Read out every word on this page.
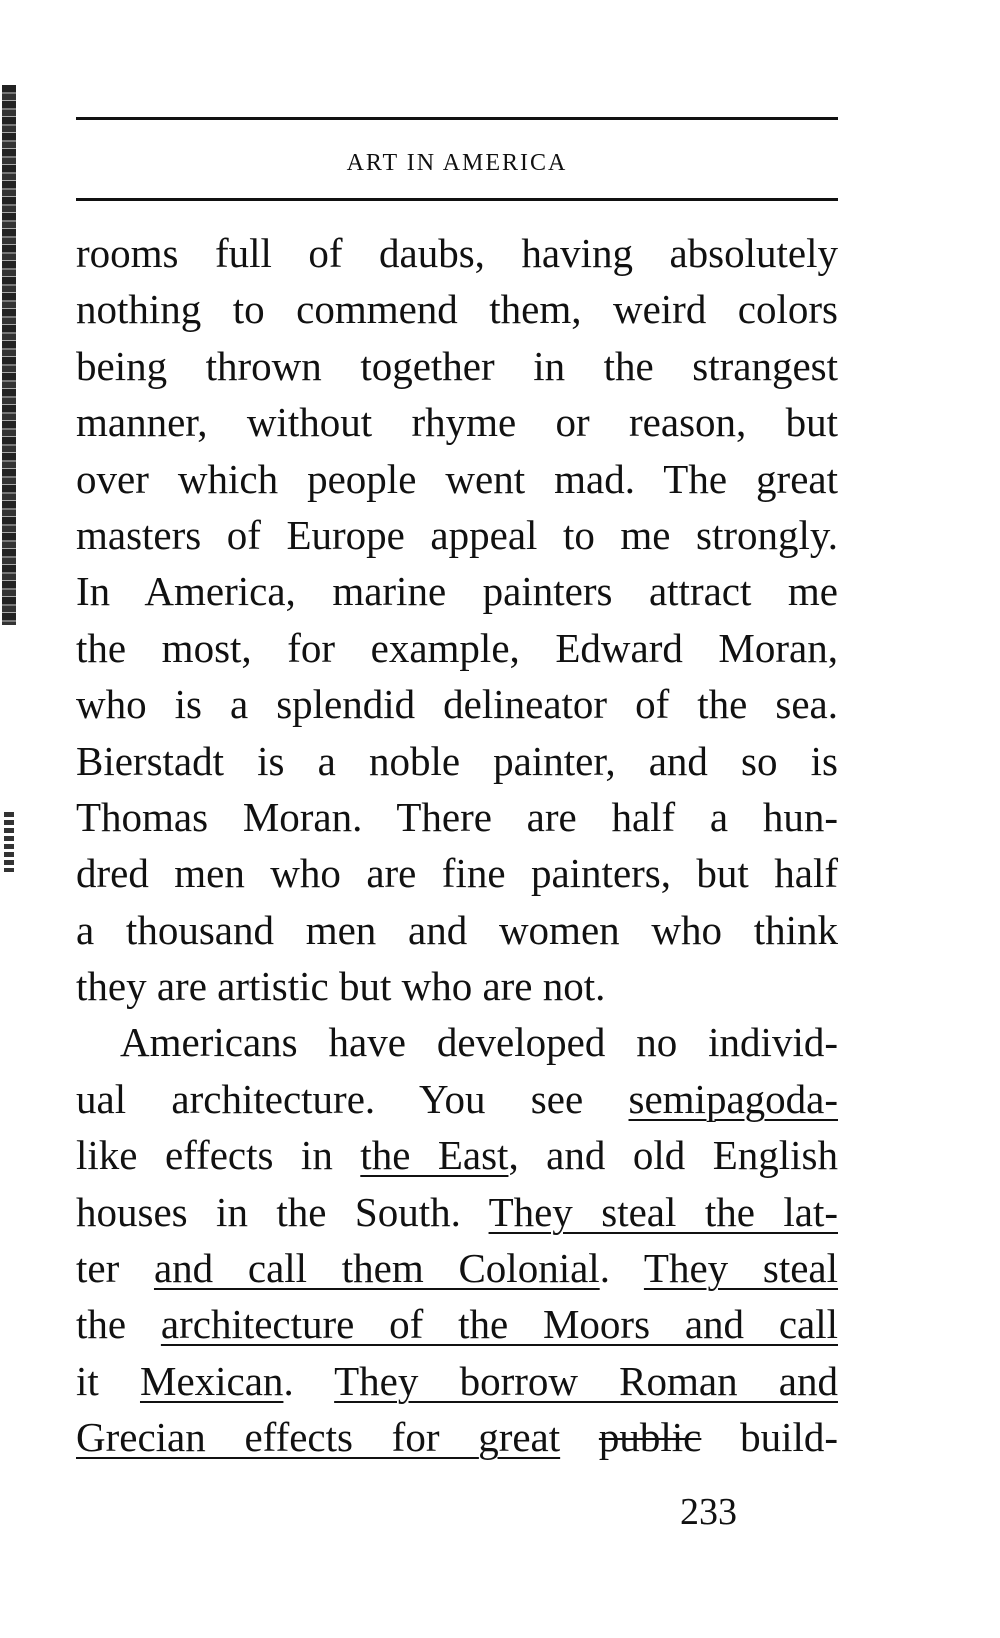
ART IN AMERICA
rooms full of daubs, having absolutely
nothing to commend them, weird colors
being thrown together in the strangest
manner, without rhyme or reason, but
over which people went mad. The great
masters of Europe appeal to me strongly.
In America, marine painters attract me
the most, for example, Edward Moran,
who is a splendid delineator of the sea.
Bierstadt is a noble painter, and so is
Thomas Moran. There are half a hun-
dred men who are fine painters, but half
a thousand men and women who think
they are artistic but who are not.
Americans have developed no individ-
ual architecture. You see semipagoda-
like effects in the East, and old English
houses in the South. They steal the lat-
ter and call them Colonial. They steal
the architecture of the Moors and call
it Mexican. They borrow Roman and
Grecian effects for great public build-
233
